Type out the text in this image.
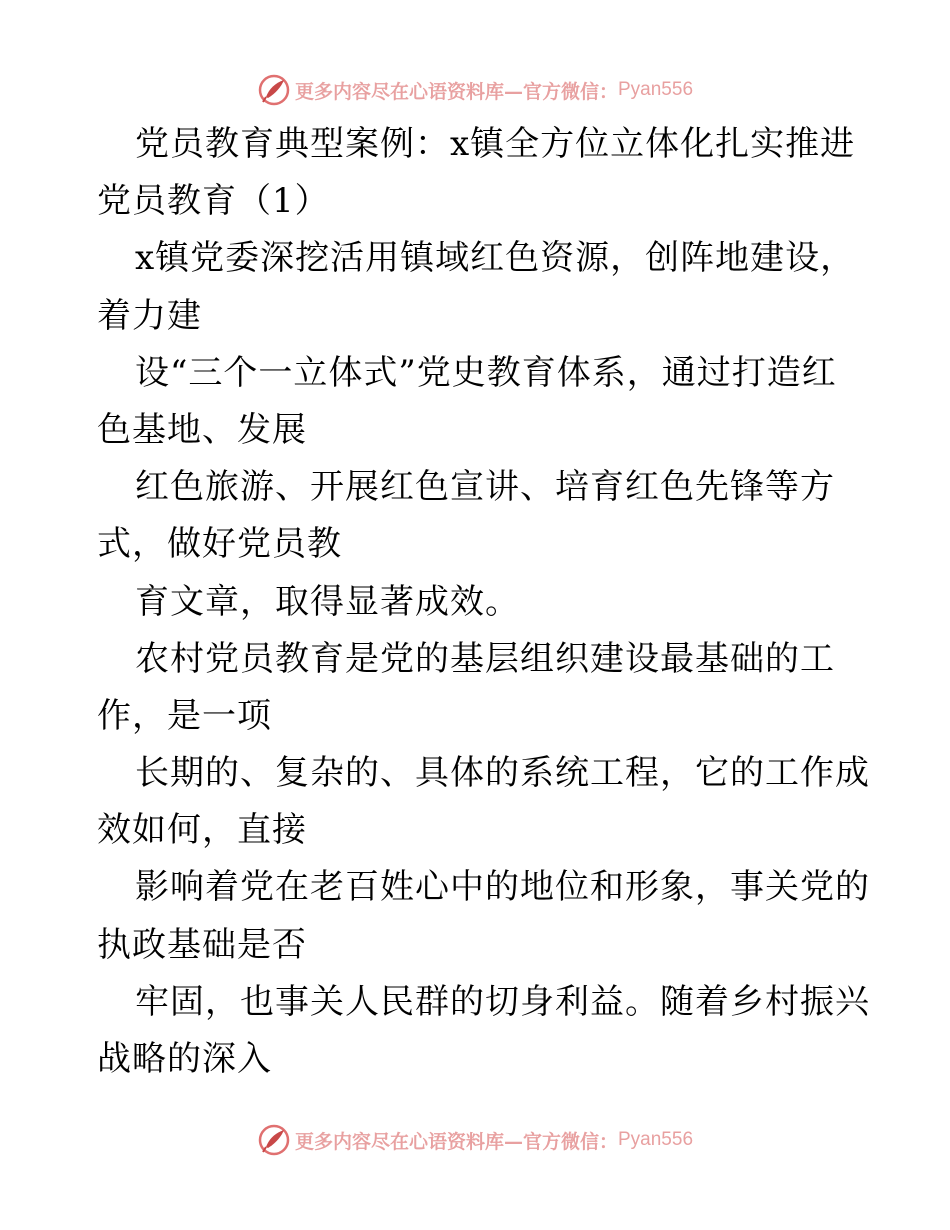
更多内容尽在心语资料库—官方微信： Pyan556
党员教育典型案例：x镇全方位立体化扎实推进
党员教育（1）
x镇党委深挖活用镇域红色资源，创阵地建设，
着力建
设“三个一立体式”党史教育体系，通过打造红
色基地、发展
红色旅游、开展红色宣讲、培育红色先锋等方
式，做好党员教
育文章，取得显著成效。
农村党员教育是党的基层组织建设最基础的工
作，是一项
长期的、复杂的、具体的系统工程，它的工作成
效如何，直接
影响着党在老百姓心中的地位和形象，事关党的
执政基础是否
牢固，也事关人民群的切身利益。随着乡村振兴
战略的深入
更多内容尽在心语资料库—官方微信： Pyan556
